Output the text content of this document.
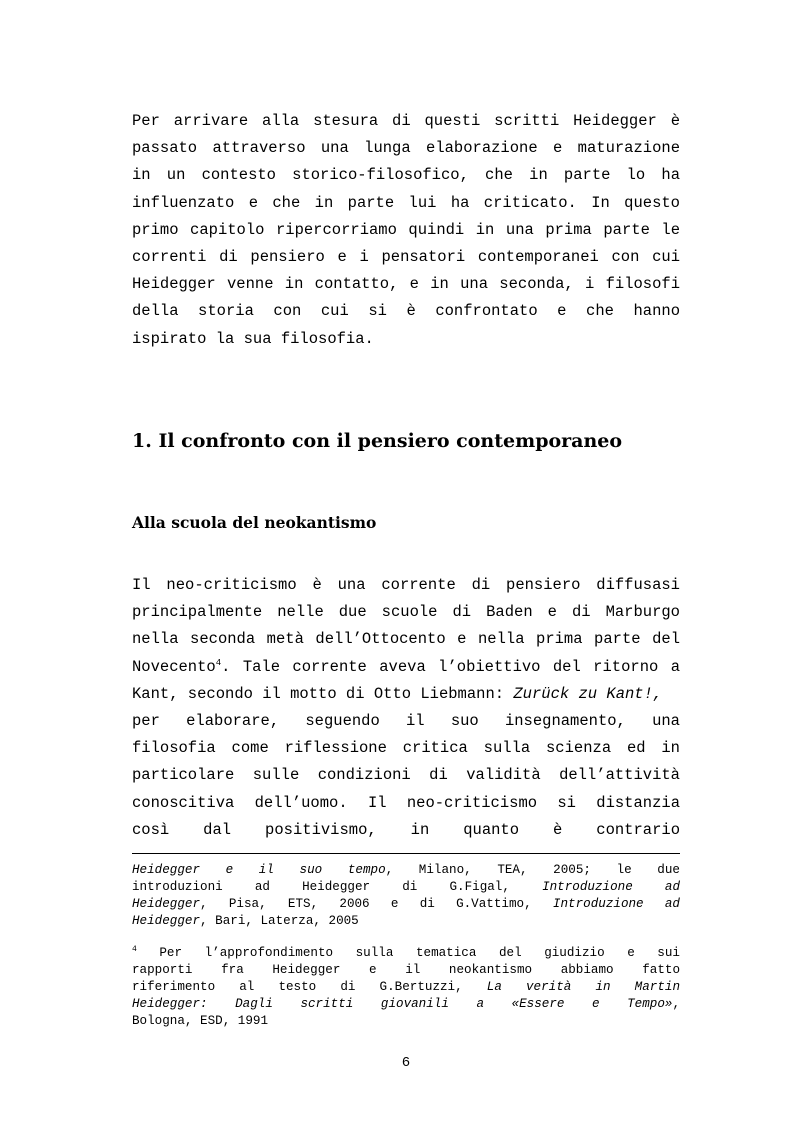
Per arrivare alla stesura di questi scritti Heidegger è
passato attraverso una lunga elaborazione e maturazione
in un contesto storico-filosofico, che in parte lo ha
influenzato e che in parte lui ha criticato. In questo
primo capitolo ripercorriamo quindi in una prima parte le
correnti di pensiero e i pensatori contemporanei con cui
Heidegger venne in contatto, e in una seconda, i filosofi
della storia con cui si è confrontato e che hanno
ispirato la sua filosofia.
1. Il confronto con il pensiero contemporaneo
Alla scuola del neokantismo
Il neo-criticismo è una corrente di pensiero diffusasi
principalmente nelle due scuole di Baden e di Marburgo
nella seconda metà dell’Ottocento e nella prima parte del
Novecento$^4$. Tale corrente aveva l’obiettivo del ritorno a
Kant, secondo il motto di Otto Liebmann: Zurück zu Kant!,
per elaborare, seguendo il suo insegnamento, una
filosofia come riflessione critica sulla scienza ed in
particolare sulle condizioni di validità dell’attività
conoscitiva dell’uomo. Il neo-criticismo si distanzia
così dal positivismo, in quanto è contrario
Heidegger e il suo tempo, Milano, TEA, 2005; le due
introduzioni ad Heidegger di G.Figal, Introduzione ad
Heidegger, Pisa, ETS, 2006 e di G.Vattimo, Introduzione ad
Heidegger, Bari, Laterza, 2005
$^4$ Per l’approfondimento sulla tematica del giudizio e sui
rapporti fra Heidegger e il neokantismo abbiamo fatto
riferimento al testo di G.Bertuzzi, La verità in Martin
Heidegger: Dagli scritti giovanili a «Essere e Tempo»,
Bologna, ESD, 1991
6
